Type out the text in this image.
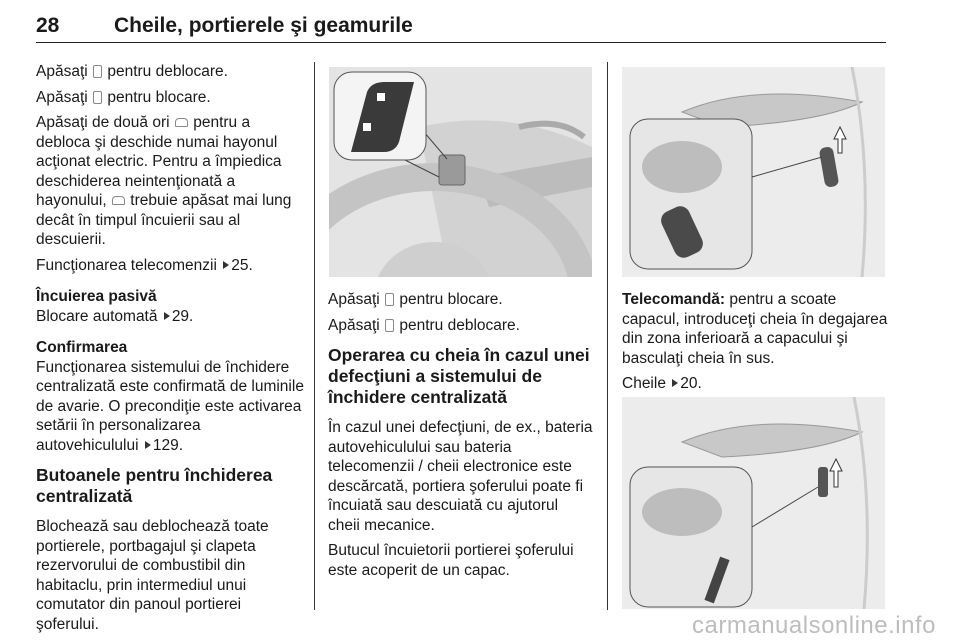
28	Cheile, portierele şi geamurile

Apăsaţi pentru deblocare.

Apăsaţi pentru blocare.

Apăsaţi de două ori pentru a debloca şi deschide numai hayonul acţionat electric. Pentru a împiedica deschiderea neintenţionată a hayonului, trebuie apăsat mai lung decât în timpul încuierii sau al descuierii.

Funcţionarea telecomenzii 25.

Încuierea pasivă

Blocare automată 29.

Confirmarea

Funcţionarea sistemului de închidere centralizată este confirmată de luminile de avarie. O precondiţie este activarea setării în personalizarea autovehiculului 129.

Butoanele pentru închiderea centralizată

Blochează sau deblochează toate portierele, portbagajul şi clapeta rezervorului de combustibil din habitaclu, prin intermediul unui comutator din panoul portierei şoferului.

Apăsaţi pentru blocare.

Apăsaţi pentru deblocare.

Operarea cu cheia în cazul unei defecţiuni a sistemului de închidere centralizată

În cazul unei defecţiuni, de ex., bateria autovehiculului sau bateria telecomenzii / cheii electronice este descărcată, portiera şoferului poate fi încuiată sau descuiată cu ajutorul cheii mecanice.

Butucul încuietorii portierei şoferului este acoperit de un capac.

Telecomandă: pentru a scoate capacul, introduceţi cheia în degajarea din zona inferioară a capacului şi basculaţi cheia în sus.

Cheile 20.

carmanualsonline.info
